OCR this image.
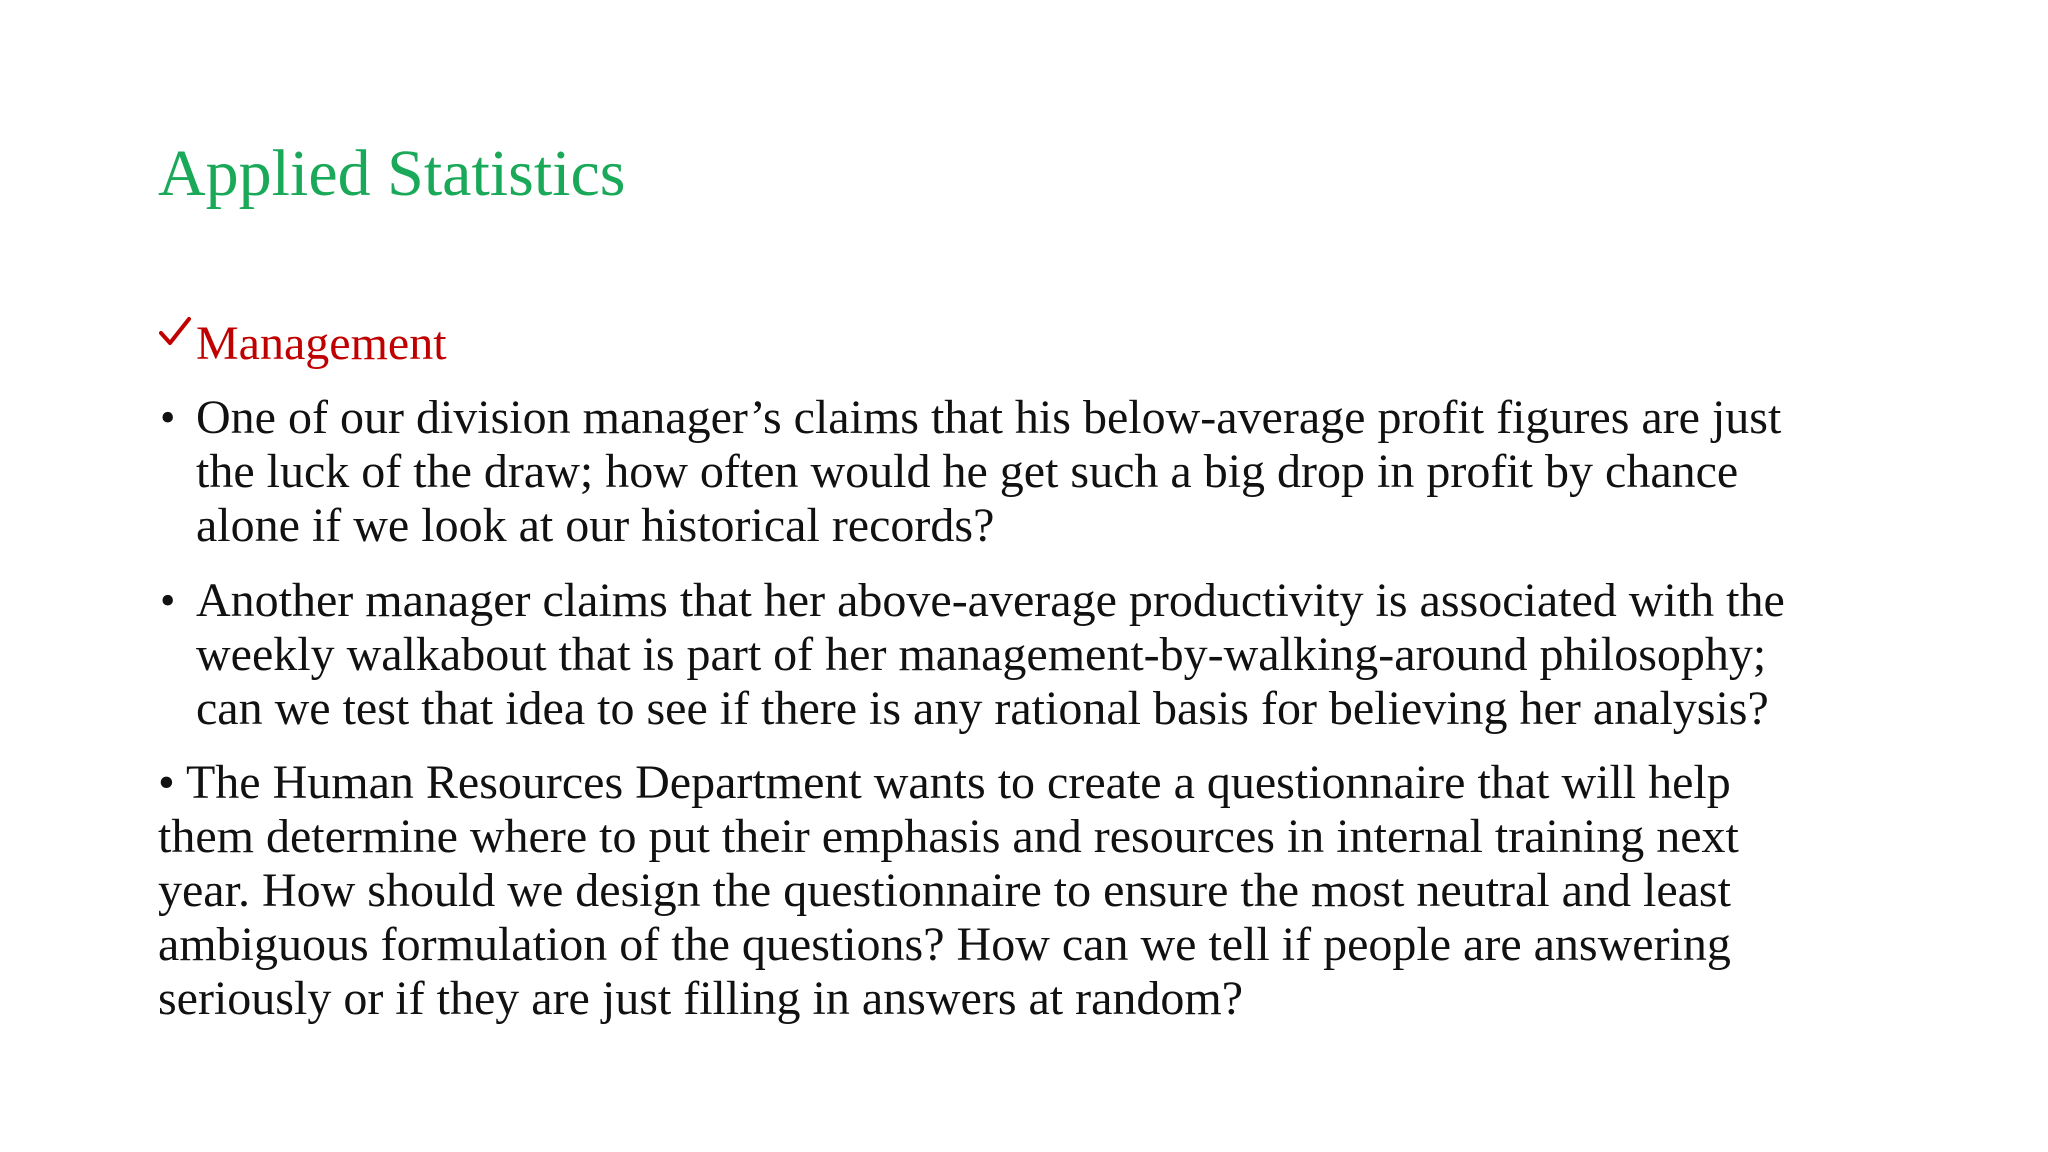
Applied Statistics
Management
• One of our division manager’s claims that his below-average profit figures are just
the luck of the draw; how often would he get such a big drop in profit by chance
alone if we look at our historical records?
• Another manager claims that her above-average productivity is associated with the
weekly walkabout that is part of her management-by-walking-around philosophy;
can we test that idea to see if there is any rational basis for believing her analysis?
• The Human Resources Department wants to create a questionnaire that will help
them determine where to put their emphasis and resources in internal training next
year. How should we design the questionnaire to ensure the most neutral and least
ambiguous formulation of the questions? How can we tell if people are answering
seriously or if they are just filling in answers at random?
